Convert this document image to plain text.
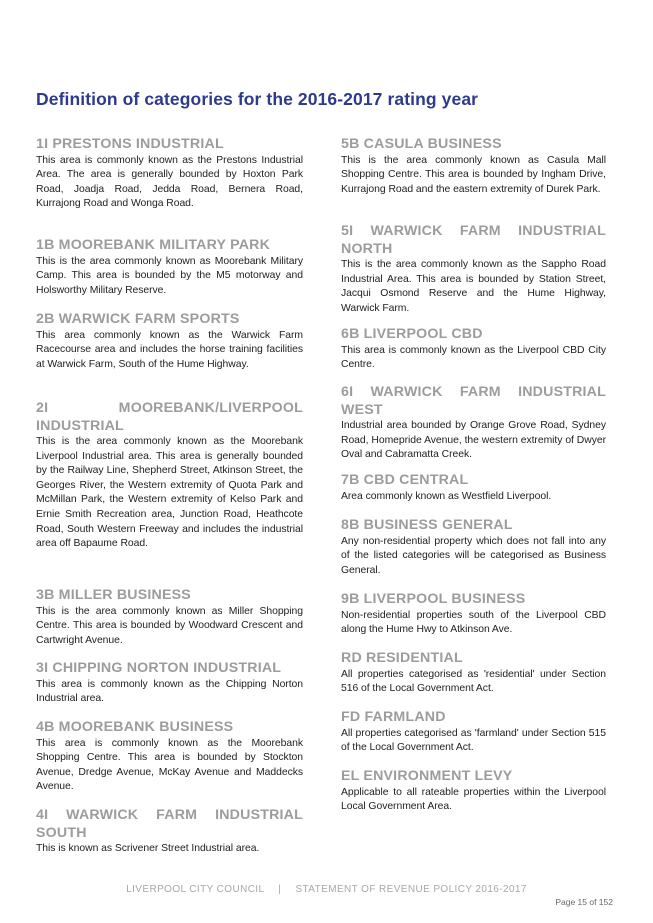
Definition of categories for the 2016-2017 rating year
1I PRESTONS INDUSTRIAL

This area is commonly known as the Prestons Industrial Area. The area is generally bounded by Hoxton Park Road, Joadja Road, Jedda Road, Bernera Road, Kurrajong Road and Wonga Road.

1B MOOREBANK MILITARY PARK

This is the area commonly known as Moorebank Military Camp. This area is bounded by the M5 motorway and Holsworthy Military Reserve.

2B WARWICK FARM SPORTS

This area commonly known as the Warwick Farm Racecourse area and includes the horse training facilities at Warwick Farm, South of the Hume Highway.

2I MOOREBANK/LIVERPOOL INDUSTRIAL

This is the area commonly known as the Moorebank Liverpool Industrial area. This area is generally bounded by the Railway Line, Shepherd Street, Atkinson Street, the Georges River, the Western extremity of Quota Park and McMillan Park, the Western extremity of Kelso Park and Ernie Smith Recreation area, Junction Road, Heathcote Road, South Western Freeway and includes the industrial area off Bapaume Road.

3B MILLER BUSINESS

This is the area commonly known as Miller Shopping Centre. This area is bounded by Woodward Crescent and Cartwright Avenue.

3I CHIPPING NORTON INDUSTRIAL

This area is commonly known as the Chipping Norton Industrial area.

4B MOOREBANK BUSINESS

This area is commonly known as the Moorebank Shopping Centre. This area is bounded by Stockton Avenue, Dredge Avenue, McKay Avenue and Maddecks Avenue.

4I WARWICK FARM INDUSTRIAL SOUTH

This is known as Scrivener Street Industrial area.

5B CASULA BUSINESS

This is the area commonly known as Casula Mall Shopping Centre. This area is bounded by Ingham Drive, Kurrajong Road and the eastern extremity of Durek Park.

5I WARWICK FARM INDUSTRIAL NORTH

This is the area commonly known as the Sappho Road Industrial Area. This area is bounded by Station Street, Jacqui Osmond Reserve and the Hume Highway, Warwick Farm.

6B LIVERPOOL CBD

This area is commonly known as the Liverpool CBD City Centre.

6I WARWICK FARM INDUSTRIAL WEST

Industrial area bounded by Orange Grove Road, Sydney Road, Homepride Avenue, the western extremity of Dwyer Oval and Cabramatta Creek.

7B CBD CENTRAL

Area commonly known as Westfield Liverpool.

8B BUSINESS GENERAL

Any non-residential property which does not fall into any of the listed categories will be categorised as Business General.

9B LIVERPOOL BUSINESS

Non-residential properties south of the Liverpool CBD along the Hume Hwy to Atkinson Ave.

RD RESIDENTIAL

All properties categorised as 'residential' under Section 516 of the Local Government Act.

FD FARMLAND

All properties categorised as 'farmland' under Section 515 of the Local Government Act.

EL ENVIRONMENT LEVY

Applicable to all rateable properties within the Liverpool Local Government Area.

LIVERPOOL CITY COUNCIL | STATEMENT OF REVENUE POLICY 2016-2017
Page 15 of 152
